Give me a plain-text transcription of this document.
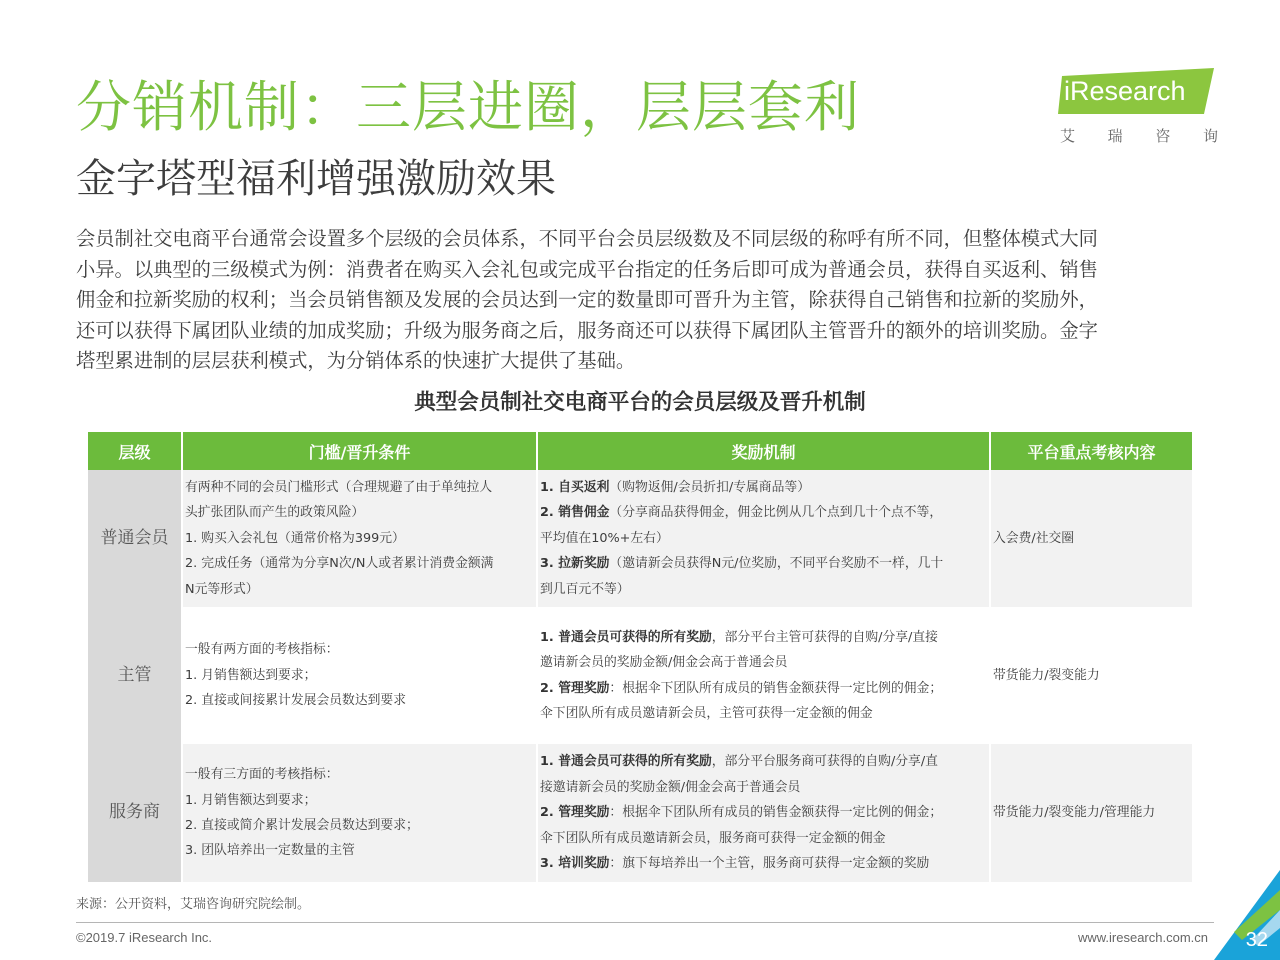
分销机制：三层进圈，层层套利
金字塔型福利增强激励效果
iResearch
艾 瑞 咨 询
会员制社交电商平台通常会设置多个层级的会员体系，不同平台会员层级数及不同层级的称呼有所不同，但整体模式大同
小异。以典型的三级模式为例：消费者在购买入会礼包或完成平台指定的任务后即可成为普通会员，获得自买返利、销售
佣金和拉新奖励的权利；当会员销售额及发展的会员达到一定的数量即可晋升为主管，除获得自己销售和拉新的奖励外，
还可以获得下属团队业绩的加成奖励；升级为服务商之后，服务商还可以获得下属团队主管晋升的额外的培训奖励。金字
塔型累进制的层层获利模式，为分销体系的快速扩大提供了基础。
典型会员制社交电商平台的会员层级及晋升机制
层级	门槛/晋升条件	奖励机制	平台重点考核内容
普通会员	有两种不同的会员门槛形式（合理规避了由于单纯拉人
头扩张团队而产生的政策风险）
1. 购买入会礼包（通常价格为399元）
2. 完成任务（通常为分享N次/N人或者累计消费金额满
N元等形式）	1. 自买返利（购物返佣/会员折扣/专属商品等）
2. 销售佣金（分享商品获得佣金，佣金比例从几个点到几十个点不等，
平均值在10%+左右）
3. 拉新奖励（邀请新会员获得N元/位奖励，不同平台奖励不一样，几十
到几百元不等）	入会费/社交圈
主管	一般有两方面的考核指标：
1. 月销售额达到要求；
2. 直接或间接累计发展会员数达到要求	1. 普通会员可获得的所有奖励，部分平台主管可获得的自购/分享/直接
邀请新会员的奖励金额/佣金会高于普通会员
2. 管理奖励：根据伞下团队所有成员的销售金额获得一定比例的佣金；
伞下团队所有成员邀请新会员，主管可获得一定金额的佣金	带货能力/裂变能力
服务商	一般有三方面的考核指标：
1. 月销售额达到要求；
2. 直接或简介累计发展会员数达到要求；
3. 团队培养出一定数量的主管	1. 普通会员可获得的所有奖励，部分平台服务商可获得的自购/分享/直
接邀请新会员的奖励金额/佣金会高于普通会员
2. 管理奖励：根据伞下团队所有成员的销售金额获得一定比例的佣金；
伞下团队所有成员邀请新会员，服务商可获得一定金额的佣金
3. 培训奖励：旗下每培养出一个主管，服务商可获得一定金额的奖励	带货能力/裂变能力/管理能力
来源：公开资料，艾瑞咨询研究院绘制。
©2019.7 iResearch Inc.	www.iresearch.com.cn 32
